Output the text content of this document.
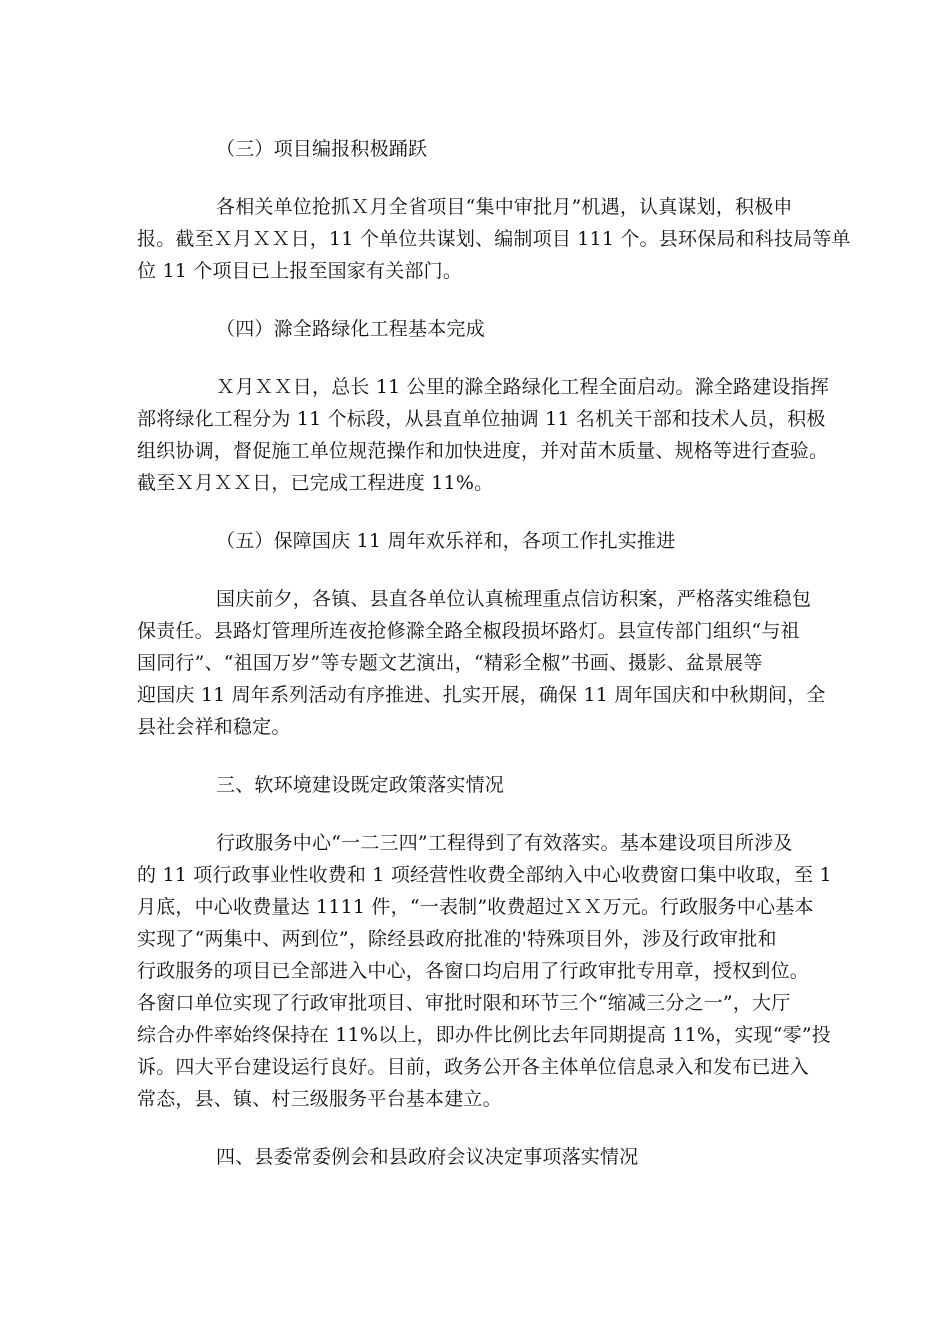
（三）项目编报积极踊跃
各相关单位抢抓Ｘ月全省项目“集中审批月”机遇，认真谋划，积极申
报。截至Ｘ月ＸＸ日，11 个单位共谋划、编制项目 111 个。县环保局和科技局等单
位 11 个项目已上报至国家有关部门。
（四）滁全路绿化工程基本完成
Ｘ月ＸＸ日，总长 11 公里的滁全路绿化工程全面启动。滁全路建设指挥
部将绿化工程分为 11 个标段，从县直单位抽调 11 名机关干部和技术人员，积极
组织协调，督促施工单位规范操作和加快进度，并对苗木质量、规格等进行查验。
截至Ｘ月ＸＸ日，已完成工程进度 11%。
（五）保障国庆 11 周年欢乐祥和，各项工作扎实推进
国庆前夕，各镇、县直各单位认真梳理重点信访积案，严格落实维稳包
保责任。县路灯管理所连夜抢修滁全路全椒段损坏路灯。县宣传部门组织“与祖
国同行”、“祖国万岁”等专题文艺演出，“精彩全椒”书画、摄影、盆景展等
迎国庆 11 周年系列活动有序推进、扎实开展，确保 11 周年国庆和中秋期间，全
县社会祥和稳定。
三、软环境建设既定政策落实情况
行政服务中心“一二三四”工程得到了有效落实。基本建设项目所涉及
的 11 项行政事业性收费和 1 项经营性收费全部纳入中心收费窗口集中收取，至 1
月底，中心收费量达 1111 件，“一表制”收费超过ＸＸ万元。行政服务中心基本
实现了“两集中、两到位”，除经县政府批准的'特殊项目外，涉及行政审批和
行政服务的项目已全部进入中心，各窗口均启用了行政审批专用章，授权到位。
各窗口单位实现了行政审批项目、审批时限和环节三个“缩减三分之一”，大厅
综合办件率始终保持在 11%以上，即办件比例比去年同期提高 11%，实现“零”投
诉。四大平台建设运行良好。目前，政务公开各主体单位信息录入和发布已进入
常态，县、镇、村三级服务平台基本建立。
四、县委常委例会和县政府会议决定事项落实情况
